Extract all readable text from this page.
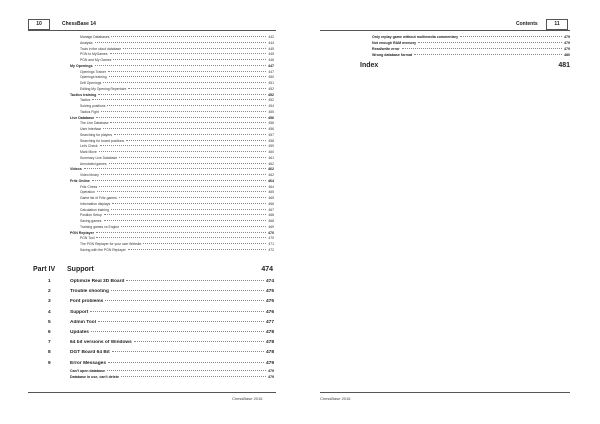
10	ChessBase 14
Manage Databases	442
Analysis	444
Tools in the cloud database	445
PGN to MyGames	445
PGN and My Games	446
My Openings	447
Openings Trainer	447
Openings training	450
Drill Openings	451
Editing My Opening Repertoire	452
Tactics training	452
Tactics	452
Solving positions	454
Tactics Fight	455
Live Database	456
The Live Database	456
User Interface	456
Searching for players	457
Searching for board positions	458
Let's Check	459
Mark Move	460
Summary Live Database	461
Annotated games	462
Videos	462
Video library	462
Fritz Online	464
Fritz Chess	464
Operation	465
Game list of Fritz games	465
Information displays	466
Calculation training	467
Position Setup	468
Saving games	468
Training games vs Engine	469
PGN Replayer	470
PGN Tool	470
The PGN Replayer for your own Website	471
Saving with the PGN Replayer	472
Part IV	Support	474
1	Optimize Real 3D Board	474
2	Trouble shooting	475
3	Font problems	475
4	Support	476
5	Admin Tool	477
6	Updates	478
7	64 bit versions of Windows	478
8	DGT Board 64 Bit	478
9	Error Messages	479
Can't open database	479
Database in use, can't delete	479
ChessBase 2016
Contents	11
Only replay game without multimedia commentary	479
Not enough RAM memory	479
Read/write error	479
Wrong database format	480
Index	481
ChessBase 2016
